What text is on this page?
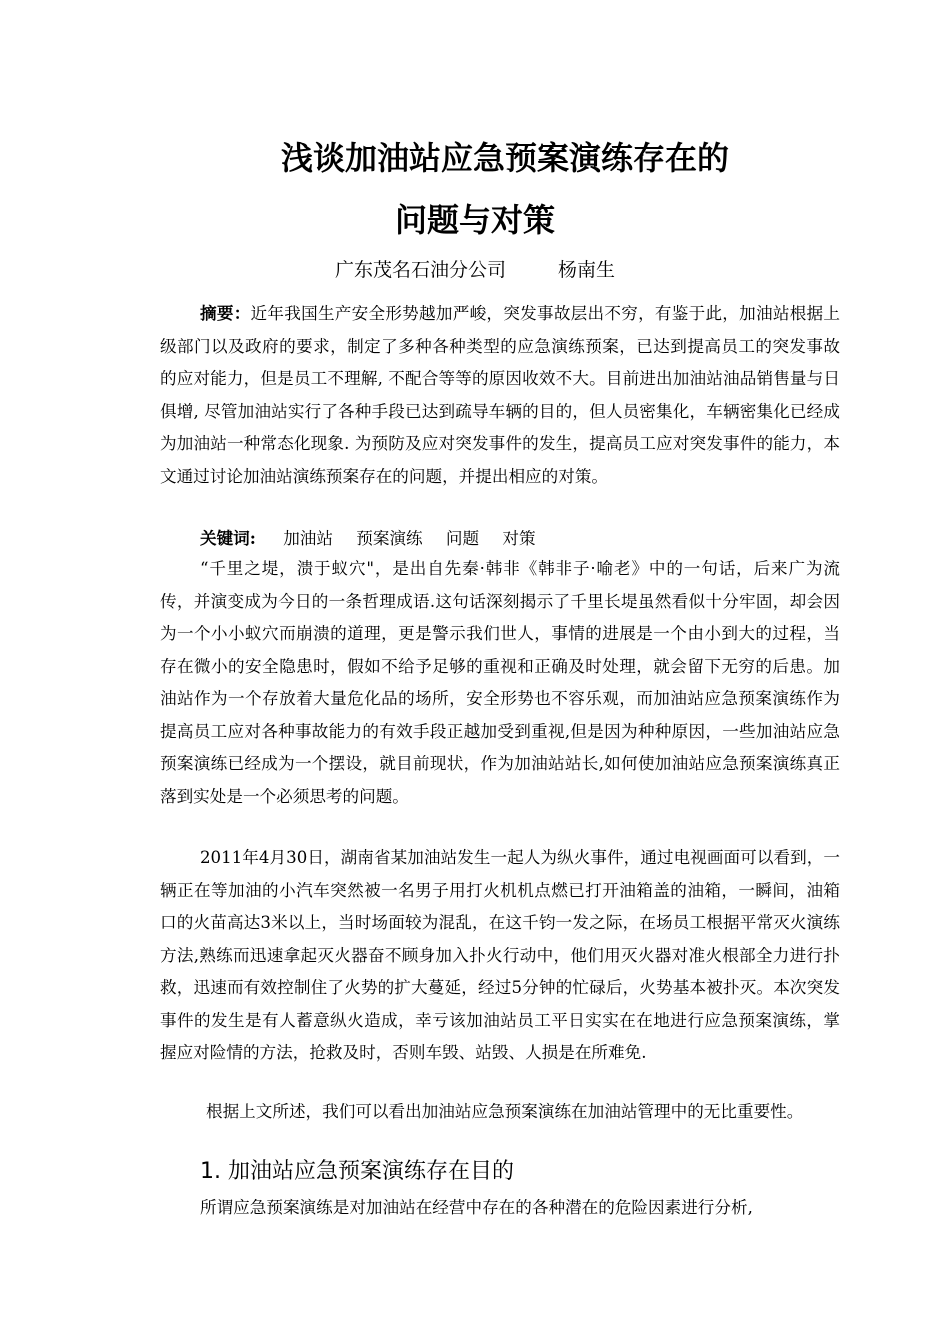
浅谈加油站应急预案演练存在的
问题与对策
广东茂名石油分公司	杨南生

摘要：近年我国生产安全形势越加严峻，突发事故层出不穷，有鉴于此，加油站根据上级部门以及政府的要求，制定了多种各种类型的应急演练预案，已达到提高员工的突发事故的应对能力，但是员工不理解, 不配合等等的原因收效不大。目前进出加油站油品销售量与日俱增, 尽管加油站实行了各种手段已达到疏导车辆的目的，但人员密集化，车辆密集化已经成为加油站一种常态化现象. 为预防及应对突发事件的发生，提高员工应对突发事件的能力，本文通过讨论加油站演练预案存在的问题，并提出相应的对策。

关键词: 加油站 预案演练 问题 对策

“千里之堤，溃于蚁穴"，是出自先秦·韩非《韩非子·喻老》中的一句话，后来广为流传，并演变成为今日的一条哲理成语.这句话深刻揭示了千里长堤虽然看似十分牢固，却会因为一个小小蚁穴而崩溃的道理，更是警示我们世人，事情的进展是一个由小到大的过程，当存在微小的安全隐患时，假如不给予足够的重视和正确及时处理，就会留下无穷的后患。加油站作为一个存放着大量危化品的场所，安全形势也不容乐观，而加油站应急预案演练作为提高员工应对各种事故能力的有效手段正越加受到重视,但是因为种种原因，一些加油站应急预案演练已经成为一个摆设，就目前现状，作为加油站站长,如何使加油站应急预案演练真正落到实处是一个必须思考的问题。

2011年4月30日，湖南省某加油站发生一起人为纵火事件，通过电视画面可以看到，一辆正在等加油的小汽车突然被一名男子用打火机机点燃已打开油箱盖的油箱，一瞬间，油箱口的火苗高达3米以上，当时场面较为混乱，在这千钧一发之际，在场员工根据平常灭火演练方法,熟练而迅速拿起灭火器奋不顾身加入扑火行动中，他们用灭火器对准火根部全力进行扑救，迅速而有效控制住了火势的扩大蔓延，经过5分钟的忙碌后，火势基本被扑灭。本次突发事件的发生是有人蓄意纵火造成，幸亏该加油站员工平日实实在在地进行应急预案演练，掌握应对险情的方法，抢救及时，否则车毁、站毁、人损是在所难免.

根据上文所述，我们可以看出加油站应急预案演练在加油站管理中的无比重要性。

1. 加油站应急预案演练存在目的

所谓应急预案演练是对加油站在经营中存在的各种潜在的危险因素进行分析,
